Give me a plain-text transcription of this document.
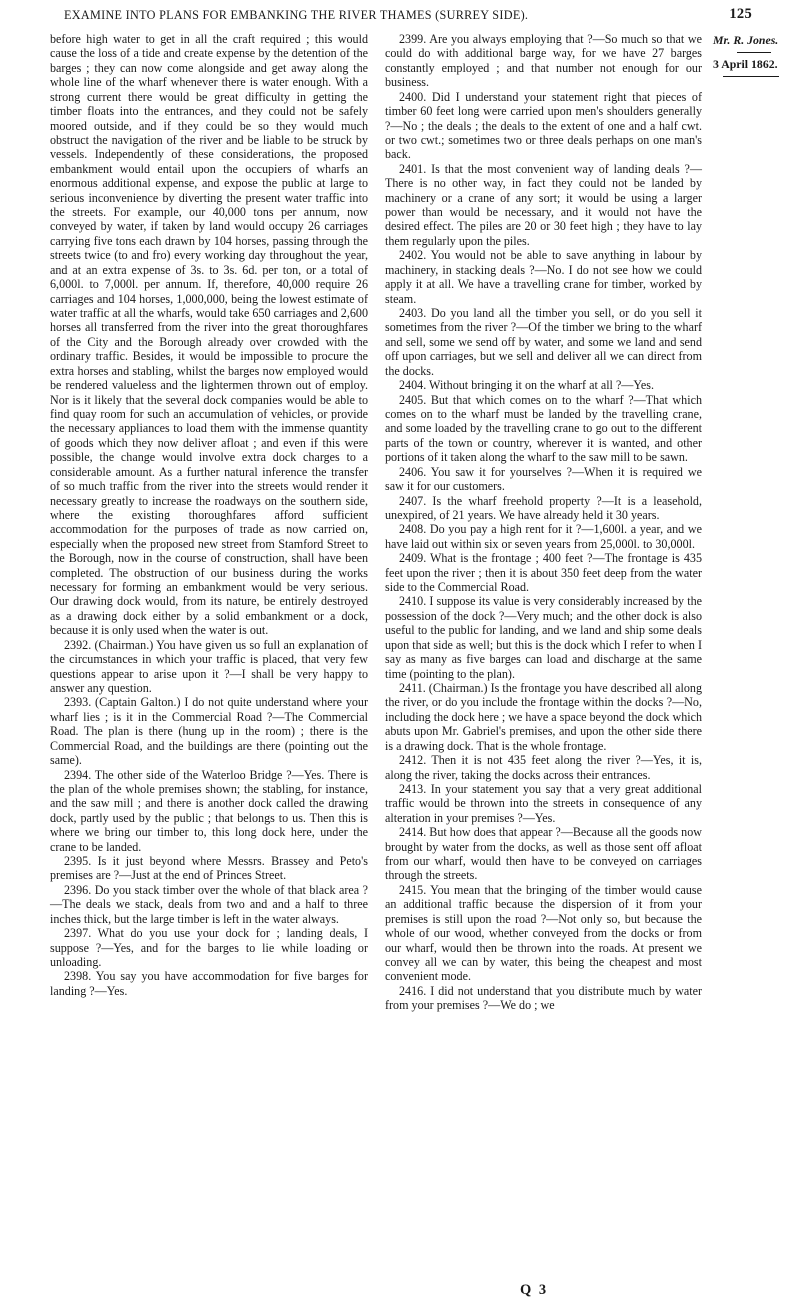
EXAMINE INTO PLANS FOR EMBANKING THE RIVER THAMES (SURREY SIDE).	125

before high water to get in all the craft required ; this would cause the loss of a tide and create expense by the detention of the barges ; they can now come alongside and get away along the whole line of the wharf whenever there is water enough. With a strong current there would be great difficulty in getting the timber floats into the entrances, and they could not be safely moored outside, and if they could be so they would much obstruct the navigation of the river and be liable to be struck by vessels. Independently of these considerations, the proposed embankment would entail upon the occupiers of wharfs an enormous additional expense, and expose the public at large to serious inconvenience by diverting the present water traffic into the streets. For example, our 40,000 tons per annum, now conveyed by water, if taken by land would occupy 26 carriages carrying five tons each drawn by 104 horses, passing through the streets twice (to and fro) every working day throughout the year, and at an extra expense of 3s. to 3s. 6d. per ton, or a total of 6,000l. to 7,000l. per annum. If, therefore, 40,000 require 26 carriages and 104 horses, 1,000,000, being the lowest estimate of water traffic at all the wharfs, would take 650 carriages and 2,600 horses all transferred from the river into the great thoroughfares of the City and the Borough already over crowded with the ordinary traffic. Besides, it would be impossible to procure the extra horses and stabling, whilst the barges now employed would be rendered valueless and the lightermen thrown out of employ. Nor is it likely that the several dock companies would be able to find quay room for such an accumulation of vehicles, or provide the necessary appliances to load them with the immense quantity of goods which they now deliver afloat ; and even if this were possible, the change would involve extra dock charges to a considerable amount. As a further natural inference the transfer of so much traffic from the river into the streets would render it necessary greatly to increase the roadways on the southern side, where the existing thoroughfares afford sufficient accommodation for the purposes of trade as now carried on, especially when the proposed new street from Stamford Street to the Borough, now in the course of construction, shall have been completed. The obstruction of our business during the works necessary for forming an embankment would be very serious. Our drawing dock would, from its nature, be entirely destroyed as a drawing dock either by a solid embankment or a dock, because it is only used when the water is out.

2392. (Chairman.) You have given us so full an explanation of the circumstances in which your traffic is placed, that very few questions appear to arise upon it ?—I shall be very happy to answer any question.

2393. (Captain Galton.) I do not quite understand where your wharf lies ; is it in the Commercial Road ?—The Commercial Road. The plan is there (hung up in the room) ; there is the Commercial Road, and the buildings are there (pointing out the same).

2394. The other side of the Waterloo Bridge ?—Yes. There is the plan of the whole premises shown; the stabling, for instance, and the saw mill ; and there is another dock called the drawing dock, partly used by the public ; that belongs to us. Then this is where we bring our timber to, this long dock here, under the crane to be landed.

2395. Is it just beyond where Messrs. Brassey and Peto's premises are ?—Just at the end of Princes Street.

2396. Do you stack timber over the whole of that black area ?—The deals we stack, deals from two and and a half to three inches thick, but the large timber is left in the water always.

2397. What do you use your dock for ; landing deals, I suppose ?—Yes, and for the barges to lie while loading or unloading.

2398. You say you have accommodation for five barges for landing ?—Yes.

2399. Are you always employing that ?—So much so that we could do with additional barge way, for we have 27 barges constantly employed ; and that number not enough for our business.

2400. Did I understand your statement right that pieces of timber 60 feet long were carried upon men's shoulders generally ?—No ; the deals ; the deals to the extent of one and a half cwt. or two cwt.; sometimes two or three deals perhaps on one man's back.

2401. Is that the most convenient way of landing deals ?—There is no other way, in fact they could not be landed by machinery or a crane of any sort; it would be using a larger power than would be necessary, and it would not have the desired effect. The piles are 20 or 30 feet high ; they have to lay them regularly upon the piles.

2402. You would not be able to save anything in labour by machinery, in stacking deals ?—No. I do not see how we could apply it at all. We have a travelling crane for timber, worked by steam.

2403. Do you land all the timber you sell, or do you sell it sometimes from the river ?—Of the timber we bring to the wharf and sell, some we send off by water, and some we land and send off upon carriages, but we sell and deliver all we can direct from the docks.

2404. Without bringing it on the wharf at all ?—Yes.

2405. But that which comes on to the wharf ?—That which comes on to the wharf must be landed by the travelling crane, and some loaded by the travelling crane to go out to the different parts of the town or country, wherever it is wanted, and other portions of it taken along the wharf to the saw mill to be sawn.

2406. You saw it for yourselves ?—When it is required we saw it for our customers.

2407. Is the wharf freehold property ?—It is a leasehold, unexpired, of 21 years. We have already held it 30 years.

2408. Do you pay a high rent for it ?—1,600l. a year, and we have laid out within six or seven years from 25,000l. to 30,000l.

2409. What is the frontage ; 400 feet ?—The frontage is 435 feet upon the river ; then it is about 350 feet deep from the water side to the Commercial Road.

2410. I suppose its value is very considerably increased by the possession of the dock ?—Very much; and the other dock is also useful to the public for landing, and we land and ship some deals upon that side as well; but this is the dock which I refer to when I say as many as five barges can load and discharge at the same time (pointing to the plan).

2411. (Chairman.) Is the frontage you have described all along the river, or do you include the frontage within the docks ?—No, including the dock here ; we have a space beyond the dock which abuts upon Mr. Gabriel's premises, and upon the other side there is a drawing dock. That is the whole frontage.

2412. Then it is not 435 feet along the river ?—Yes, it is, along the river, taking the docks across their entrances.

2413. In your statement you say that a very great additional traffic would be thrown into the streets in consequence of any alteration in your premises ?—Yes.

2414. But how does that appear ?—Because all the goods now brought by water from the docks, as well as those sent off afloat from our wharf, would then have to be conveyed on carriages through the streets.

2415. You mean that the bringing of the timber would cause an additional traffic because the dispersion of it from your premises is still upon the road ?—Not only so, but because the whole of our wood, whether conveyed from the docks or from our wharf, would then be thrown into the roads. At present we convey all we can by water, this being the cheapest and most convenient mode.

2416. I did not understand that you distribute much by water from your premises ?—We do ; we

Mr. R. Jones.
3 April 1862.
Q 3
